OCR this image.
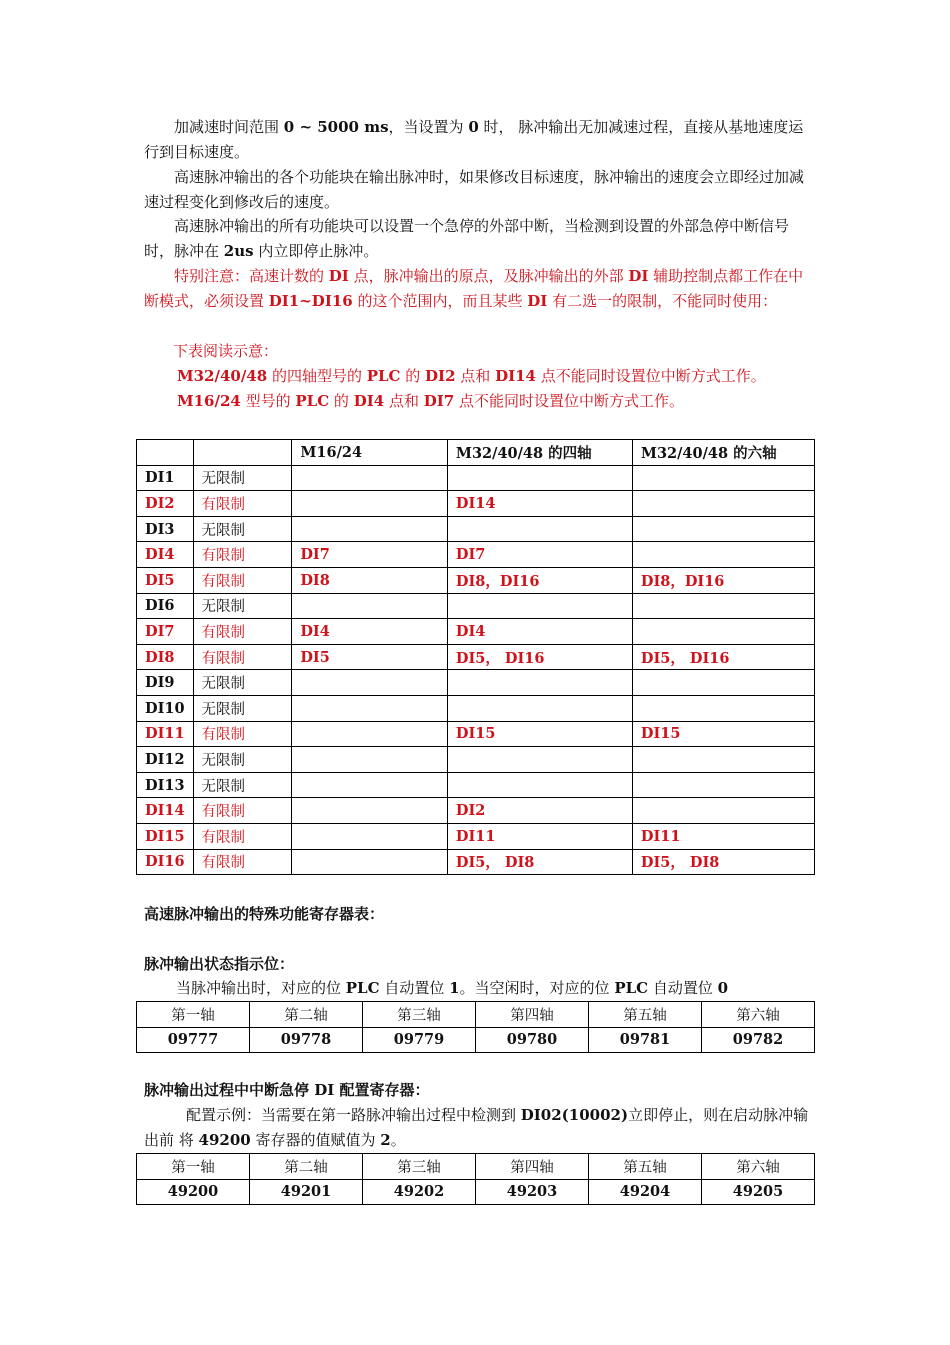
加减速时间范围 0 ~ 5000 ms，当设置为 0 时， 脉冲输出无加减速过程，直接从基地速度运行到目标速度。
高速脉冲输出的各个功能块在输出脉冲时，如果修改目标速度，脉冲输出的速度会立即经过加减速过程变化到修改后的速度。
高速脉冲输出的所有功能块可以设置一个急停的外部中断，当检测到设置的外部急停中断信号时，脉冲在 2us 内立即停止脉冲。
特别注意：高速计数的 DI 点，脉冲输出的原点，及脉冲输出的外部 DI 辅助控制点都工作在中断模式，必须设置 DI1~DI16 的这个范围内，而且某些 DI 有二选一的限制，不能同时使用：
下表阅读示意：
M32/40/48 的四轴型号的 PLC 的 DI2 点和 DI14 点不能同时设置位中断方式工作。
M16/24 型号的 PLC 的 DI4 点和 DI7 点不能同时设置位中断方式工作。
		M16/24	M32/40/48 的四轴	M32/40/48 的六轴
DI1	无限制			
DI2	有限制		DI14	
DI3	无限制			
DI4	有限制	DI7	DI7	
DI5	有限制	DI8	DI8，DI16	DI8，DI16
DI6	无限制			
DI7	有限制	DI4	DI4	
DI8	有限制	DI5	DI5， DI16	DI5， DI16
DI9	无限制			
DI10	无限制			
DI11	有限制		DI15	DI15
DI12	无限制			
DI13	无限制			
DI14	有限制		DI2	
DI15	有限制		DI11	DI11
DI16	有限制		DI5， DI8	DI5， DI8
高速脉冲输出的特殊功能寄存器表：
脉冲输出状态指示位：
当脉冲输出时，对应的位 PLC 自动置位 1。当空闲时，对应的位 PLC 自动置位 0
第一轴	第二轴	第三轴	第四轴	第五轴	第六轴
09777	09778	09779	09780	09781	09782
脉冲输出过程中中断急停 DI 配置寄存器：
配置示例：当需要在第一路脉冲输出过程中检测到 DI02(10002)立即停止，则在启动脉冲输出前 将 49200 寄存器的值赋值为 2。
第一轴	第二轴	第三轴	第四轴	第五轴	第六轴
49200	49201	49202	49203	49204	49205
